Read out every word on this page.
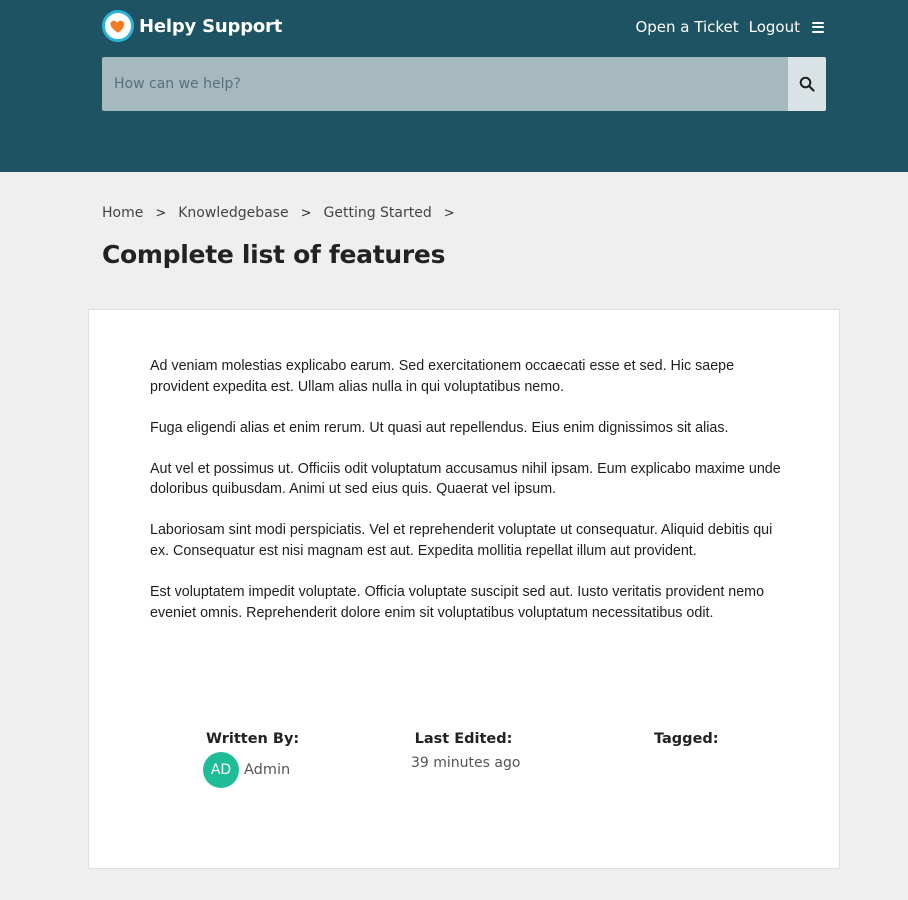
Helpy Support	Open a Ticket Logout
How can we help?
Home > Knowledgebase > Getting Started >
Complete list of features

Ad veniam molestias explicabo earum. Sed exercitationem occaecati esse et sed. Hic saepe provident expedita est. Ullam alias nulla in qui voluptatibus nemo.

Fuga eligendi alias et enim rerum. Ut quasi aut repellendus. Eius enim dignissimos sit alias.

Aut vel et possimus ut. Officiis odit voluptatum accusamus nihil ipsam. Eum explicabo maxime unde doloribus quibusdam. Animi ut sed eius quis. Quaerat vel ipsum.

Laboriosam sint modi perspiciatis. Vel et reprehenderit voluptate ut consequatur. Aliquid debitis qui ex. Consequatur est nisi magnam est aut. Expedita mollitia repellat illum aut provident.

Est voluptatem impedit voluptate. Officia voluptate suscipit sed aut. Iusto veritatis provident nemo eveniet omnis. Reprehenderit dolore enim sit voluptatibus voluptatum necessitatibus odit.

Written By:
AD Admin
Last Edited:
39 minutes ago
Tagged:
